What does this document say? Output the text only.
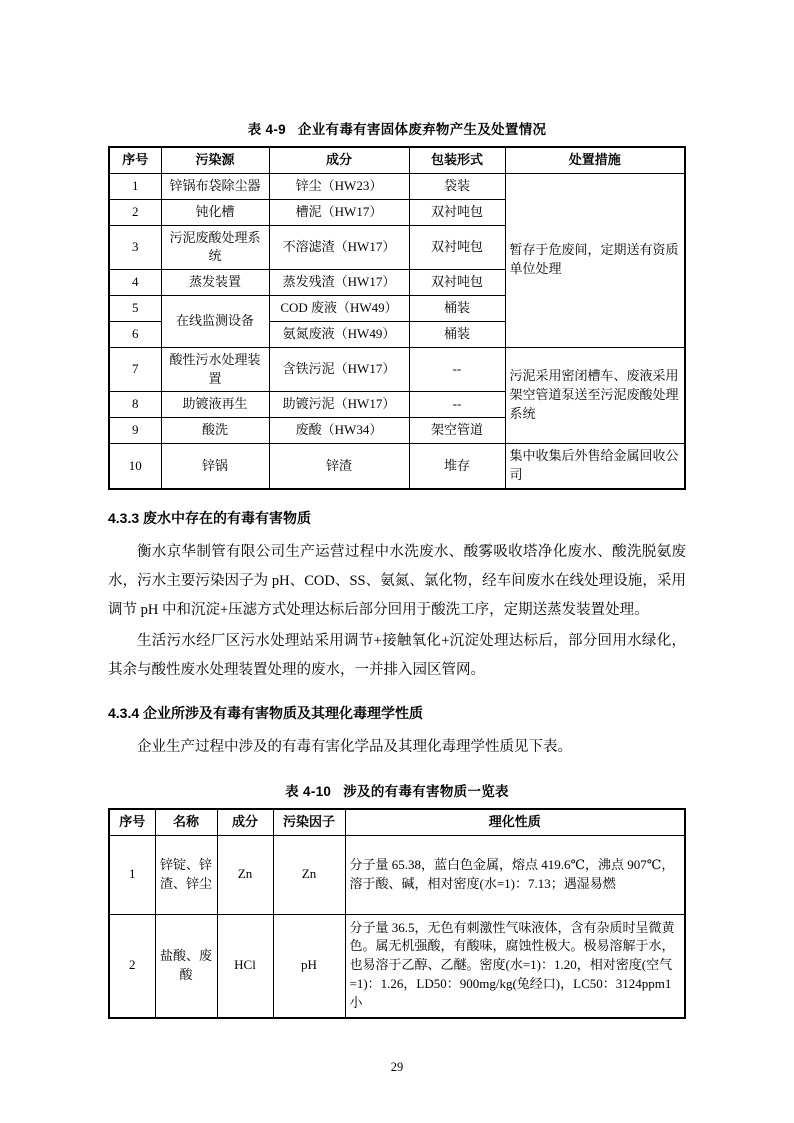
表 4-9 企业有毒有害固体废弃物产生及处置情况
序号	污染源	成分	包装形式	处置措施
1	锌锅布袋除尘器	锌尘（HW23）	袋装	暂存于危废间，定期送有资质单位处理
2	钝化槽	槽泥（HW17）	双衬吨包	
3	污泥废酸处理系统	不溶滤渣（HW17）	双衬吨包	
4	蒸发装置	蒸发残渣（HW17）	双衬吨包	
5	在线监测设备	COD 废液（HW49）	桶装	
6		氨氮废液（HW49）	桶装	
7	酸性污水处理装置	含铁污泥（HW17）	--	污泥采用密闭槽车、废液采用架空管道泵送至污泥废酸处理系统
8	助镀液再生	助镀污泥（HW17）	--	
9	酸洗	废酸（HW34）	架空管道	
10	锌锅	锌渣	堆存	集中收集后外售给金属回收公司
4.3.3 废水中存在的有毒有害物质
衡水京华制管有限公司生产运营过程中水洗废水、酸雾吸收塔净化废水、酸洗脱氨废水，污水主要污染因子为 pH、COD、SS、氨氮、氯化物，经车间废水在线处理设施，采用调节 pH 中和沉淀+压滤方式处理达标后部分回用于酸洗工序，定期送蒸发装置处理。
生活污水经厂区污水处理站采用调节+接触氧化+沉淀处理达标后，部分回用水绿化，其余与酸性废水处理装置处理的废水，一并排入园区管网。
4.3.4 企业所涉及有毒有害物质及其理化毒理学性质
企业生产过程中涉及的有毒有害化学品及其理化毒理学性质见下表。
表 4-10 涉及的有毒有害物质一览表
序号	名称	成分	污染因子	理化性质
1	锌锭、锌渣、锌尘	Zn	Zn	分子量 65.38，蓝白色金属，熔点 419.6℃，沸点 907℃，溶于酸、碱，相对密度(水=1)：7.13；遇湿易燃
2	盐酸、废酸	HCl	pH	分子量 36.5，无色有刺激性气味液体，含有杂质时呈微黄色。属无机强酸，有酸味，腐蚀性极大。极易溶解于水，也易溶于乙醇、乙醚。密度(水=1)：1.20，相对密度(空气=1)：1.26，LD50：900mg/kg(兔经口)，LC50：3124ppm1 小
29
